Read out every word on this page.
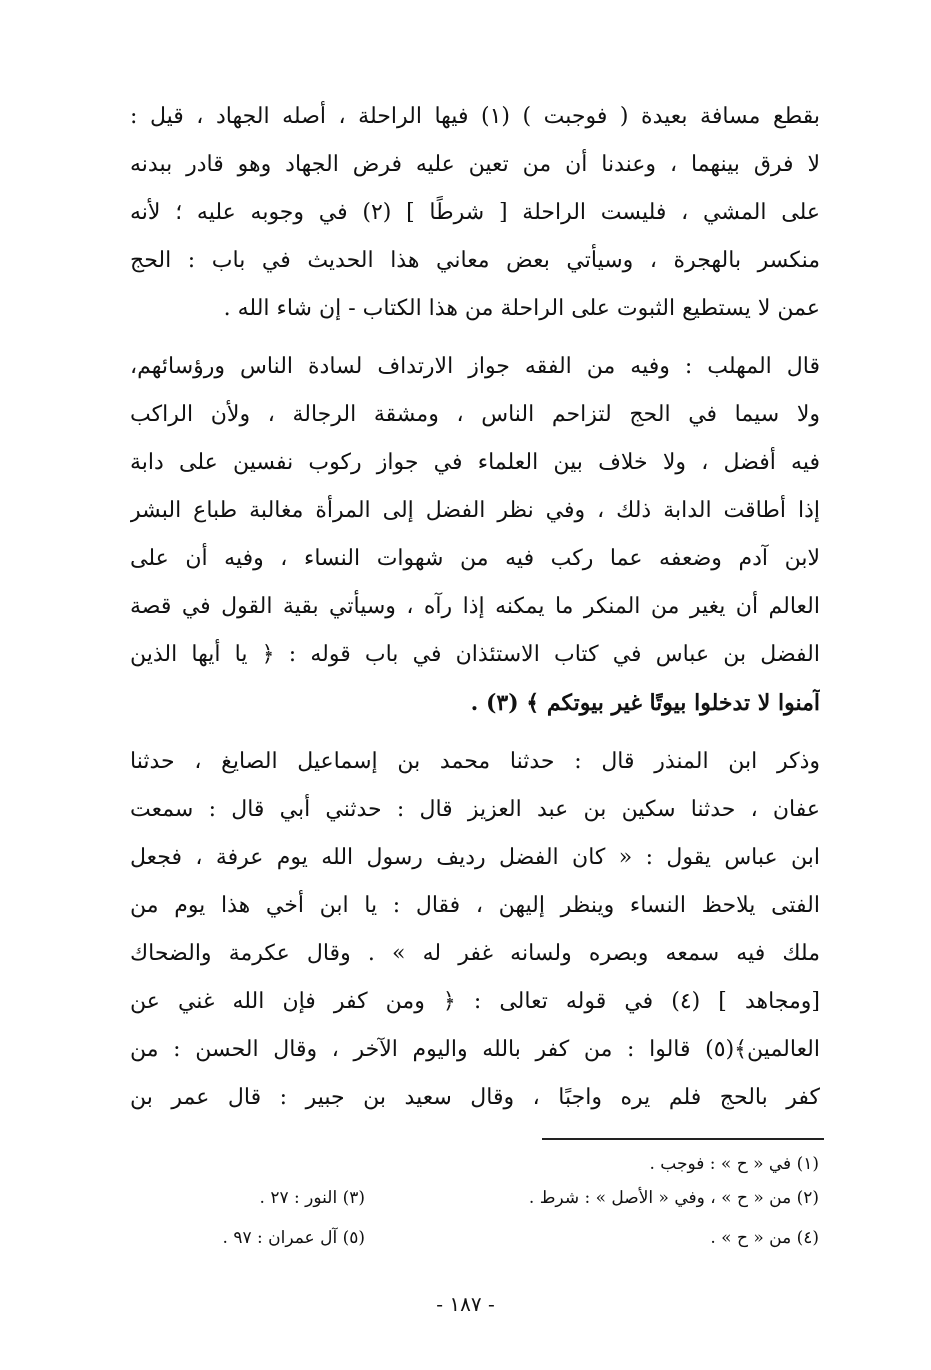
بقطع مسافة بعيدة ( فوجبت ) (١) فيها الراحلة ، أصله الجهاد ، قيل :
لا فرق بينهما ، وعندنا أن من تعين عليه فرض الجهاد وهو قادر ببدنه
على المشي ، فليست الراحلة [ شرطًا ] (٢) في وجوبه عليه ؛ لأنه
منكسر بالهجرة ، وسيأتي بعض معاني هذا الحديث في باب : الحج
عمن لا يستطيع الثبوت على الراحلة من هذا الكتاب - إن شاء الله .
قال المهلب : وفيه من الفقه جواز الارتداف لسادة الناس ورؤسائهم،
ولا سيما في الحج لتزاحم الناس ، ومشقة الرجالة ، ولأن الراكب
فيه أفضل ، ولا خلاف بين العلماء في جواز ركوب نفسين على دابة
إذا أطاقت الدابة ذلك ، وفي نظر الفضل إلى المرأة مغالبة طباع البشر
لابن آدم وضعفه عما ركب فيه من شهوات النساء ، وفيه أن على
العالم أن يغير من المنكر ما يمكنه إذا رآه ، وسيأتي بقية القول في قصة
الفضل بن عباس في كتاب الاستئذان في باب قوله : ﴿ يا أيها الذين
آمنوا لا تدخلوا بيوتًا غير بيوتكم ﴾ (٣) .
وذكر ابن المنذر قال : حدثنا محمد بن إسماعيل الصايغ ، حدثنا
عفان ، حدثنا سكين بن عبد العزيز قال : حدثني أبي قال : سمعت
ابن عباس يقول : « كان الفضل رديف رسول الله يوم عرفة ، فجعل
الفتى يلاحظ النساء وينظر إليهن ، فقال : يا ابن أخي هذا يوم من
ملك فيه سمعه وبصره ولسانه غفر له » . وقال عكرمة والضحاك
[ومجاهد ] (٤) في قوله تعالى : ﴿ ومن كفر فإن الله غني عن
العالمين﴾(٥) قالوا : من كفر بالله واليوم الآخر ، وقال الحسن : من
كفر بالحج فلم يره واجبًا ، وقال سعيد بن جبير : قال عمر بن
(١) في « ح » : فوجب .
(٢) من « ح » ، وفي « الأصل » : شرط .
(٣) النور : ٢٧ .
(٤) من « ح » .
(٥) آل عمران : ٩٧ .
- ١٨٧ -
